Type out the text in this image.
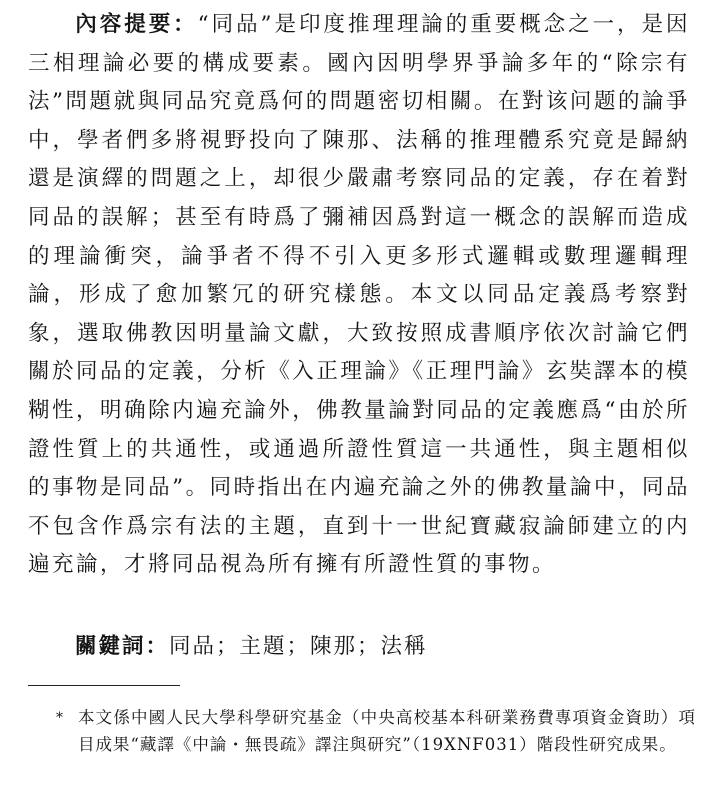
內容提要：“同品”是印度推理理論的重要概念之一，是因三相理論必要的構成要素。國內因明學界爭論多年的“除宗有法”問題就與同品究竟爲何的問題密切相關。在對该问题的論爭中，學者們多將視野投向了陳那、法稱的推理體系究竟是歸納還是演繹的問題之上，却很少嚴肅考察同品的定義，存在着對同品的誤解；甚至有時爲了彌補因爲對這一概念的誤解而造成的理論衝突，論爭者不得不引入更多形式邏輯或數理邏輯理論，形成了愈加繁冗的研究樣態。本文以同品定義爲考察對象，選取佛教因明量論文獻，大致按照成書順序依次討論它們關於同品的定義，分析《入正理論》《正理門論》玄奘譯本的模糊性，明确除内遍充論外，佛教量論對同品的定義應爲“由於所證性質上的共通性，或通過所證性質這一共通性，與主題相似的事物是同品”。同時指出在内遍充論之外的佛教量論中，同品不包含作爲宗有法的主題，直到十一世紀寶藏寂論師建立的内遍充論，才將同品視為所有擁有所證性質的事物。

關鍵詞：同品；主題；陳那；法稱
* 本文係中國人民大學科學研究基金（中央高校基本科研業務費專項資金資助）項目成果“藏譯《中論・無畏疏》譯注與研究”（19XNF031）階段性研究成果。
